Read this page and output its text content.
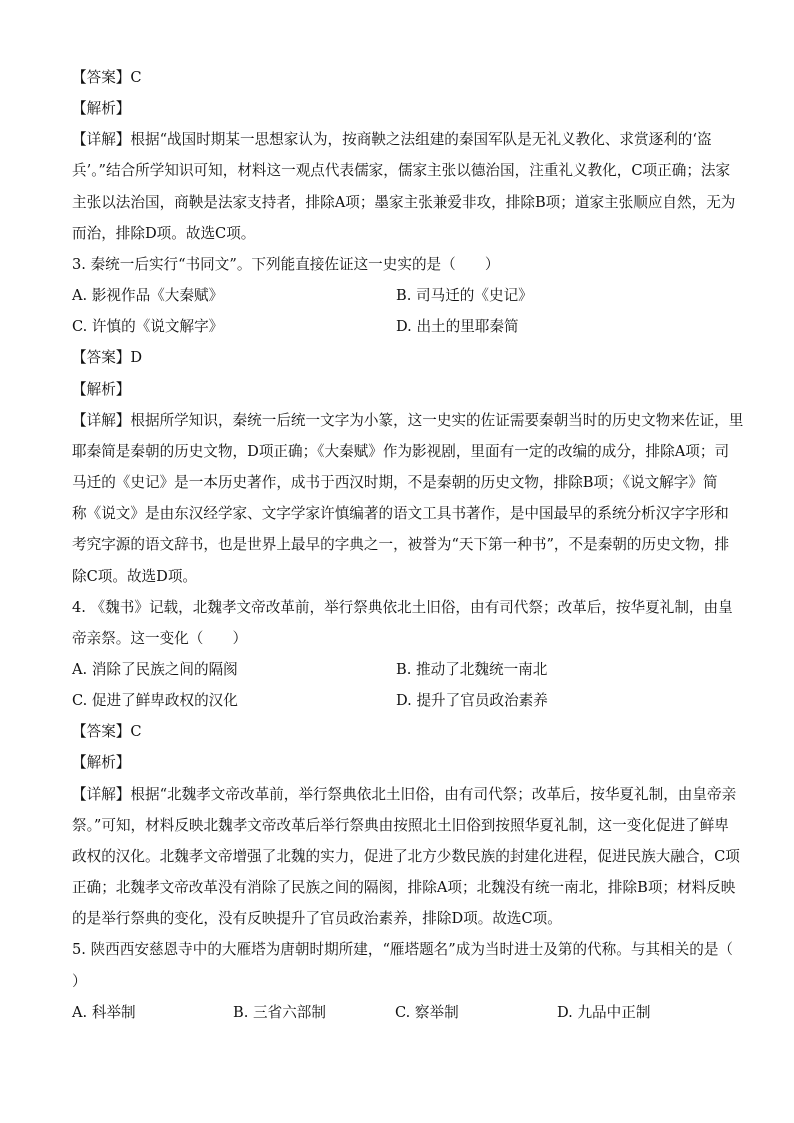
【答案】C
【解析】
【详解】根据“战国时期某一思想家认为，按商鞅之法组建的秦国军队是无礼义教化、求赏逐利的‘盗
兵’。”结合所学知识可知，材料这一观点代表儒家，儒家主张以德治国，注重礼义教化，C项正确；法家
主张以法治国，商鞅是法家支持者，排除A项；墨家主张兼爱非攻，排除B项；道家主张顺应自然，无为
而治，排除D项。故选C项。
3. 秦统一后实行“书同文”。下列能直接佐证这一史实的是（　　）
A. 影视作品《大秦赋》	B. 司马迁的《史记》
C. 许慎的《说文解字》	D. 出土的里耶秦简
【答案】D
【解析】
【详解】根据所学知识，秦统一后统一文字为小篆，这一史实的佐证需要秦朝当时的历史文物来佐证，里
耶秦简是秦朝的历史文物，D项正确；《大秦赋》作为影视剧，里面有一定的改编的成分，排除A项；司
马迁的《史记》是一本历史著作，成书于西汉时期，不是秦朝的历史文物，排除B项；《说文解字》简
称《说文》是由东汉经学家、文字学家许慎编著的语文工具书著作，是中国最早的系统分析汉字字形和
考究字源的语文辞书，也是世界上最早的字典之一，被誉为“天下第一种书”，不是秦朝的历史文物，排
除C项。故选D项。
4. 《魏书》记载，北魏孝文帝改革前，举行祭典依北土旧俗，由有司代祭；改革后，按华夏礼制，由皇
帝亲祭。这一变化（　　）
A. 消除了民族之间的隔阂	B. 推动了北魏统一南北
C. 促进了鲜卑政权的汉化	D. 提升了官员政治素养
【答案】C
【解析】
【详解】根据“北魏孝文帝改革前，举行祭典依北土旧俗，由有司代祭；改革后，按华夏礼制，由皇帝亲
祭。”可知，材料反映北魏孝文帝改革后举行祭典由按照北土旧俗到按照华夏礼制，这一变化促进了鲜卑
政权的汉化。北魏孝文帝增强了北魏的实力，促进了北方少数民族的封建化进程，促进民族大融合，C项
正确；北魏孝文帝改革没有消除了民族之间的隔阂，排除A项；北魏没有统一南北，排除B项；材料反映
的是举行祭典的变化，没有反映提升了官员政治素养，排除D项。故选C项。
5. 陕西西安慈恩寺中的大雁塔为唐朝时期所建，“雁塔题名”成为当时进士及第的代称。与其相关的是（
）
A. 科举制	B. 三省六部制	C. 察举制	D. 九品中正制
